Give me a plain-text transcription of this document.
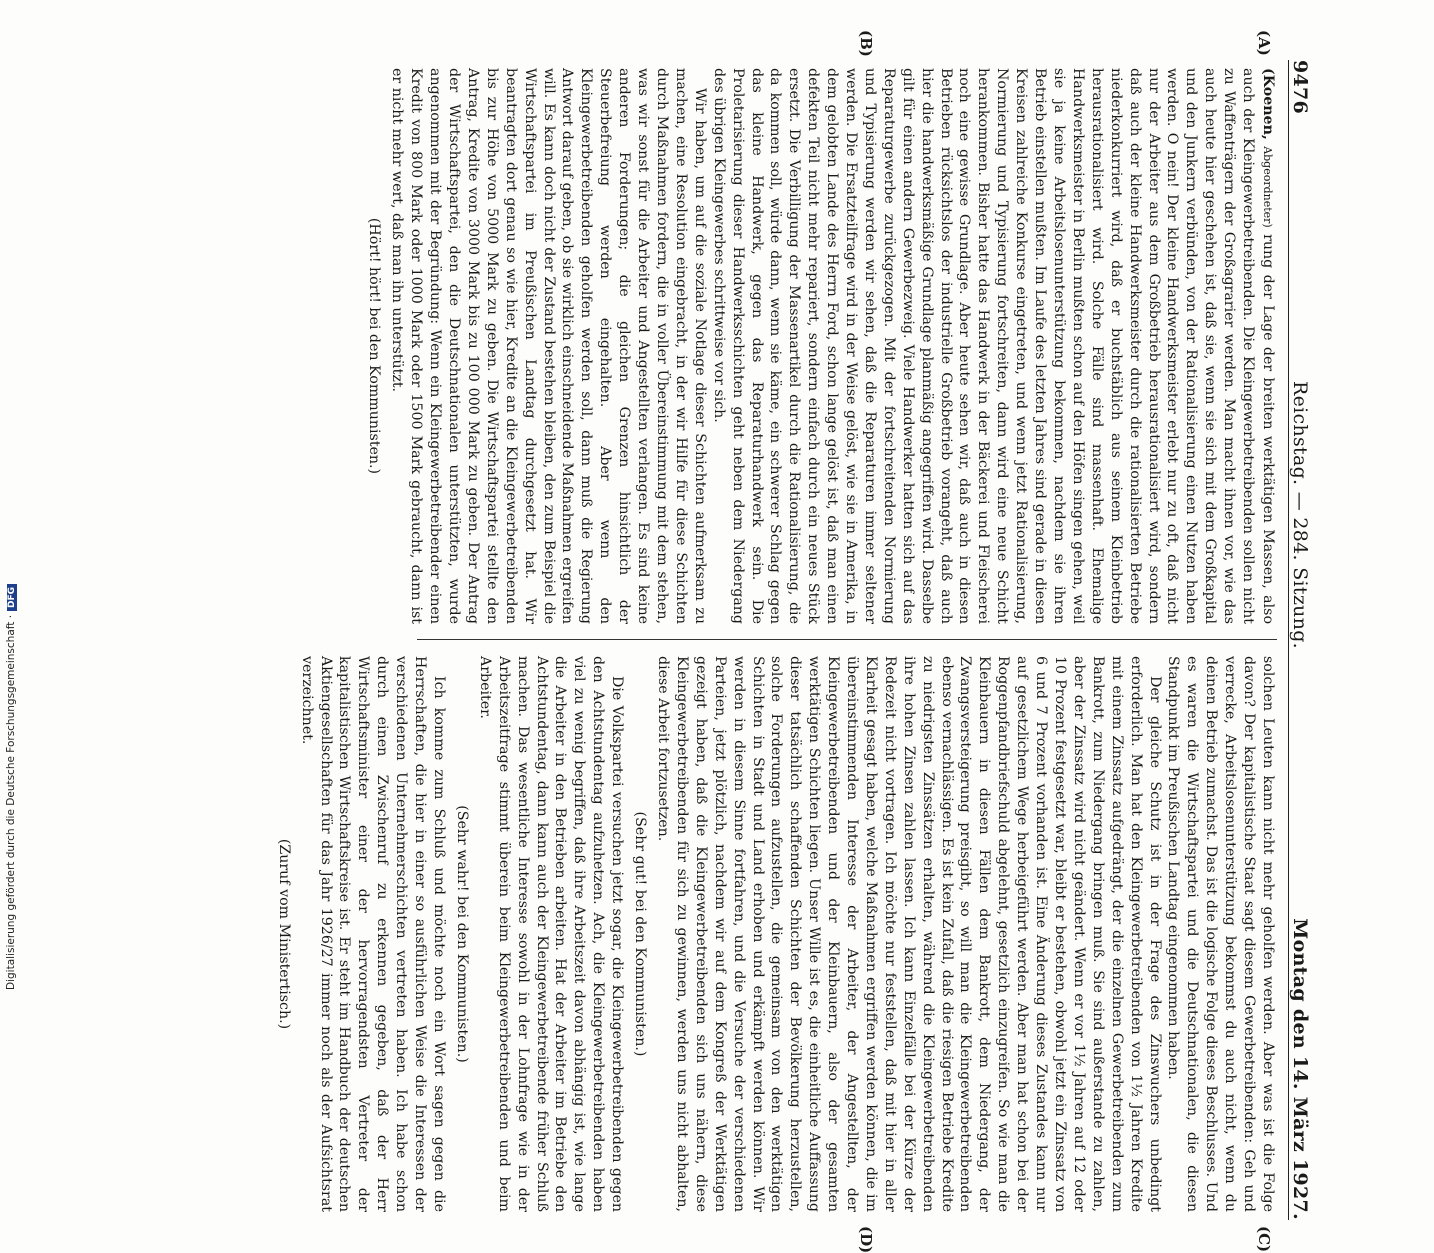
Digitalisierung gefördert durch die Deutsche Forschungsgemeinschaft ·DFG
9476
Reichstag. — 284. Sitzung.
Montag den 14. März 1927.
(A)
(B)
(C)
(D)

(Koenen, Abgeordneter) rung der Lage der breiten werktätigen Massen, also auch der Kleingewerbetreibenden. Die Kleingewerbetreibenden sollen nicht zu Waffenträgern der Großagrarier werden. Man macht ihnen vor, wie das auch heute hier geschehen ist, daß sie, wenn sie sich mit dem Großkapital und den Junkern verbünden, von der Rationalisierung einen Nutzen haben werden. O nein! Der kleine Handwerksmeister erlebt nur zu oft, daß nicht nur der Arbeiter aus dem Großbetrieb herausrationalisiert wird, sondern daß auch der kleine Handwerksmeister durch die rationalisierten Betriebe niederkonkurriert wird, daß er buchstäblich aus seinem Kleinbetrieb herausrationalisiert wird. Solche Fälle sind massenhaft. Ehemalige Handwerksmeister in Berlin mußten schon auf den Höfen singen gehen, weil sie ja keine Arbeitslosenunterstützung bekommen, nachdem sie ihren Betrieb einstellen mußten. Im Laufe des letzten Jahres sind gerade in diesen Kreisen zahlreiche Konkurse eingetreten, und wenn jetzt Rationalisierung, Normierung und Typisierung fortschreiten, dann wird eine neue Schicht herankommen. Bisher hatte das Handwerk in der Bäckerei und Fleischerei noch eine gewisse Grundlage. Aber heute sehen wir, daß auch in diesen Betrieben rücksichtslos der industrielle Großbetrieb vorangeht, daß auch hier die handwerksmäßige Grundlage planmäßig angegriffen wird. Dasselbe gilt für einen andern Gewerbezweig. Viele Handwerker hatten sich auf das Reparaturgewerbe zurückgezogen. Mit der fortschreitenden Normierung und Typisierung werden wir sehen, daß die Reparaturen immer seltener werden. Die Ersatzteilfrage wird in der Weise gelöst, wie sie in Amerika, in dem gelobten Lande des Herrn Ford, schon lange gelöst ist, daß man einen defekten Teil nicht mehr repariert, sondern einfach durch ein neues Stück ersetzt. Die Verbilligung der Massenartikel durch die Rationalisierung, die da kommen soll, würde dann, wenn sie käme, ein schwerer Schlag gegen das kleine Handwerk, gegen das Reparaturhandwerk sein. Die Proletarisierung dieser Handwerksschichten geht neben dem Niedergang des übrigen Kleingewerbes schrittweise vor sich.

Wir haben, um auf die soziale Notlage dieser Schichten aufmerksam zu machen, eine Resolution eingebracht, in der wir Hilfe für diese Schichten durch Maßnahmen fordern, die in voller Übereinstimmung mit dem stehen, was wir sonst für die Arbeiter und Angestellten verlangen. Es sind keine anderen Forderungen; die gleichen Grenzen hinsichtlich der Steuerbefreiung werden eingehalten. Aber wenn den Kleingewerbetreibenden geholfen werden soll, dann muß die Regierung Antwort darauf geben, ob sie wirklich einschneidende Maßnahmen ergreifen will. Es kann doch nicht der Zustand bestehen bleiben, den zum Beispiel die Wirtschaftspartei im Preußischen Landtag durchgesetzt hat. Wir beantragten dort genau so wie hier, Kredite an die Kleingewerbetreibenden bis zur Höhe von 5000 Mark zu geben. Die Wirtschaftspartei stellte den Antrag, Kredite von 3000 Mark bis zu 100 000 Mark zu geben. Der Antrag der Wirtschaftspartei, den die Deutschnationalen unterstützten, wurde angenommen mit der Begründung: Wenn ein Kleingewerbetreibender einen Kredit von 800 Mark oder 1000 Mark oder 1500 Mark gebraucht, dann ist er nicht mehr wert, daß man ihn unterstützt.

(Hört! hört! bei den Kommunisten.)

solchen Leuten kann nicht mehr geholfen werden. Aber was ist die Folge davon? Der kapitalistische Staat sagt diesem Gewerbetreibenden: Geh und verrecke, Arbeitslosenunterstützung bekommst du auch nicht, wenn du deinen Betrieb zumachst. Das ist die logische Folge dieses Beschlusses. Und es waren die Wirtschaftspartei und die Deutschnationalen, die diesen Standpunkt im Preußischen Landtag eingenommen haben.

Der gleiche Schutz ist in der Frage des Zinswuchers unbedingt erforderlich. Man hat den Kleingewerbetreibenden von 1½ Jahren Kredite mit einem Zinssatz aufgedrängt, der die einzelnen Gewerbetreibenden zum Bankrott, zum Niedergang bringen muß. Sie sind außerstande zu zahlen, aber der Zinssatz wird nicht geändert. Wenn er vor 1½ Jahren auf 12 oder 10 Prozent festgesetzt war, bleibt er bestehen, obwohl jetzt ein Zinssatz von 6 und 7 Prozent vorhanden ist. Eine Änderung dieses Zustandes kann nur auf gesetzlichem Wege herbeigeführt werden. Aber man hat schon bei der Roggenpfandbriefschuld abgelehnt, gesetzlich einzugreifen. So wie man die Kleinbauern in diesen Fällen dem Bankrott, dem Niedergang, der Zwangsversteigerung preisgibt, so will man die Kleingewerbetreibenden ebenso vernachlässigen. Es ist kein Zufall, daß die riesigen Betriebe Kredite zu niedrigsten Zinssätzen erhalten, während die Kleingewerbetreibenden ihre hohen Zinsen zahlen lassen. Ich kann Einzelfälle bei der Kürze der Redezeit nicht vortragen. Ich möchte nur feststellen, daß mit hier in aller Klarheit gesagt haben, welche Maßnahmen ergriffen werden können, die im übereinstimmenden Interesse der Arbeiter, der Angestellten, der Kleingewerbetreibenden und der Kleinbauern, also der gesamten werktätigen Schichten liegen. Unser Wille ist es, die einheitliche Auffassung dieser tatsächlich schaffenden Schichten der Bevölkerung herzustellen, solche Forderungen aufzustellen, die gemeinsam von den werktätigen Schichten in Stadt und Land erhoben und erkämpft werden können. Wir werden in diesem Sinne fortfahren, und die Versuche der verschiedenen Parteien, jetzt plötzlich, nachdem wir auf dem Kongreß der Werktätigen gezeigt haben, daß die Kleingewerbetreibenden sich uns nähern, diese Kleingewerbetreibenden für sich zu gewinnen, werden uns nicht abhalten, diese Arbeit fortzusetzen.

(Sehr gut! bei den Kommunisten.)

Die Volkspartei versuchen jetzt sogar, die Kleingewerbetreibenden gegen den Achtstundentag aufzuhetzen. Ach, die Kleingewerbetreibenden haben viel zu wenig begriffen, daß ihre Arbeitszeit davon abhängig ist, wie lange die Arbeiter in den Betrieben arbeiten. Hat der Arbeiter im Betriebe den Achtstundentag, dann kann auch der Kleingewerbetreibende früher Schluß machen. Das wesentliche Interesse sowohl in der Lohnfrage wie in der Arbeitszeitfrage stimmt überein beim Kleingewerbetreibenden und beim Arbeiter.

(Sehr wahr! bei den Kommunisten.)

Ich komme zum Schluß und möchte noch ein Wort sagen gegen die Herrschaften, die hier in einer so ausführlichen Weise die Interessen der verschiedenen Unternehmerschichten vertreten haben. Ich habe schon durch einen Zwischenruf zu erkennen gegeben, daß der Herr Wirtschaftsminister einer der hervorragendsten Vertreter der kapitalistischen Wirtschaftskreise ist. Er steht im Handbuch der deutschen Aktiengesellschaften für das Jahr 1926/27 immer noch als der Aufsichtsrat verzeichnet.

(Zuruf vom Ministertisch.)
